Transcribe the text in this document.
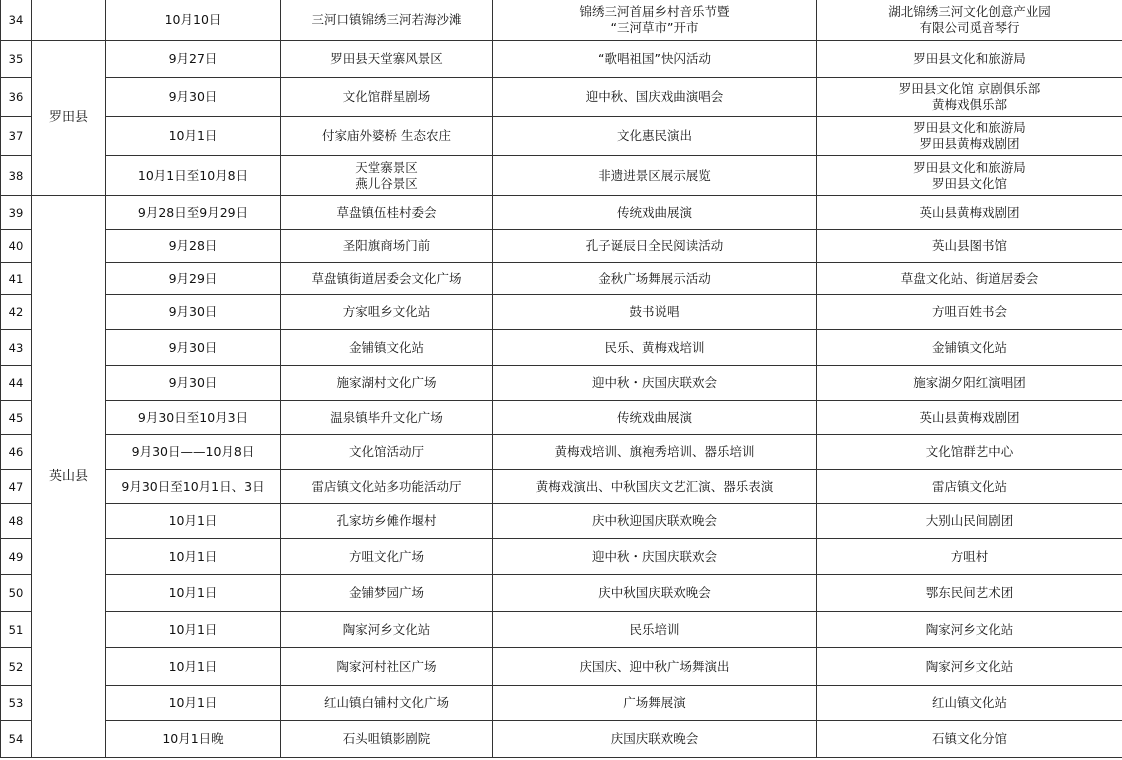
34		10月10日	三河口镇锦绣三河若海沙滩	锦绣三河首届乡村音乐节暨
“三河草市”开市	湖北锦绣三河文化创意产业园
有限公司觅音琴行

35	罗田县	9月27日	罗田县天堂寨风景区	“歌唱祖国”快闪活动	罗田县文化和旅游局

36		9月30日	文化馆群星剧场	迎中秋、国庆戏曲演唱会	罗田县文化馆 京剧俱乐部
黄梅戏俱乐部

37		10月1日	付家庙外婆桥 生态农庄	文化惠民演出	罗田县文化和旅游局
罗田县黄梅戏剧团

38		10月1日至10月8日	天堂寨景区
燕儿谷景区	非遗进景区展示展览	罗田县文化和旅游局
罗田县文化馆

39	英山县	9月28日至9月29日	草盘镇伍桂村委会	传统戏曲展演	英山县黄梅戏剧团

40		9月28日	圣阳旗商场门前	孔子诞辰日全民阅读活动	英山县图书馆

41		9月29日	草盘镇街道居委会文化广场	金秋广场舞展示活动	草盘文化站、街道居委会

42		9月30日	方家咀乡文化站	鼓书说唱	方咀百姓书会

43		9月30日	金铺镇文化站	民乐、黄梅戏培训	金铺镇文化站

44		9月30日	施家湖村文化广场	迎中秋・庆国庆联欢会	施家湖夕阳红演唱团

45		9月30日至10月3日	温泉镇毕升文化广场	传统戏曲展演	英山县黄梅戏剧团

46		9月30日——10月8日	文化馆活动厅	黄梅戏培训、旗袍秀培训、器乐培训	文化馆群艺中心

47		9月30日至10月1日、3日	雷店镇文化站多功能活动厅	黄梅戏演出、中秋国庆文艺汇演、器乐表演	雷店镇文化站

48		10月1日	孔家坊乡傩作堰村	庆中秋迎国庆联欢晚会	大别山民间剧团

49		10月1日	方咀文化广场	迎中秋・庆国庆联欢会	方咀村

50		10月1日	金铺梦园广场	庆中秋国庆联欢晚会	鄂东民间艺术团

51		10月1日	陶家河乡文化站	民乐培训	陶家河乡文化站

52		10月1日	陶家河村社区广场	庆国庆、迎中秋广场舞演出	陶家河乡文化站

53		10月1日	红山镇白铺村文化广场	广场舞展演	红山镇文化站

54		10月1日晚	石头咀镇影剧院	庆国庆联欢晚会	石镇文化分馆
